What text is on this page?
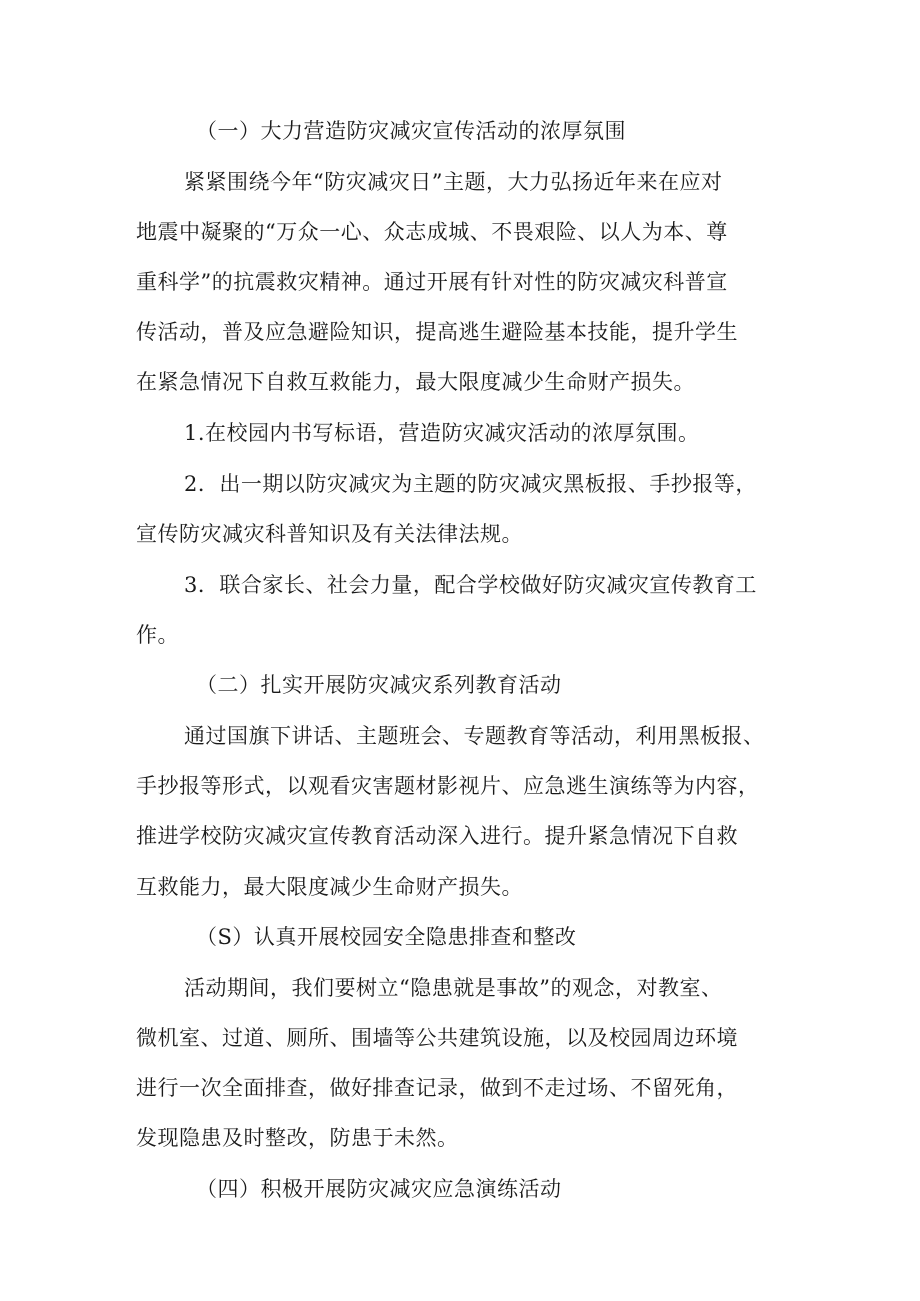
（一）大力营造防灾减灾宣传活动的浓厚氛围

紧紧围绕今年“防灾减灾日”主题，大力弘扬近年来在应对

地震中凝聚的“万众一心、众志成城、不畏艰险、以人为本、尊

重科学”的抗震救灾精神。通过开展有针对性的防灾减灾科普宣

传活动，普及应急避险知识，提高逃生避险基本技能，提升学生

在紧急情况下自救互救能力，最大限度减少生命财产损失。

1.在校园内书写标语，营造防灾减灾活动的浓厚氛围。

2．出一期以防灾减灾为主题的防灾减灾黑板报、手抄报等，

宣传防灾减灾科普知识及有关法律法规。

3．联合家长、社会力量，配合学校做好防灾减灾宣传教育工

作。

（二）扎实开展防灾减灾系列教育活动

通过国旗下讲话、主题班会、专题教育等活动，利用黑板报、

手抄报等形式，以观看灾害题材影视片、应急逃生演练等为内容，

推进学校防灾减灾宣传教育活动深入进行。提升紧急情况下自救

互救能力，最大限度减少生命财产损失。

（S）认真开展校园安全隐患排查和整改

活动期间，我们要树立“隐患就是事故”的观念，对教室、

微机室、过道、厕所、围墙等公共建筑设施，以及校园周边环境

进行一次全面排查，做好排查记录，做到不走过场、不留死角，

发现隐患及时整改，防患于未然。

（四）积极开展防灾减灾应急演练活动
